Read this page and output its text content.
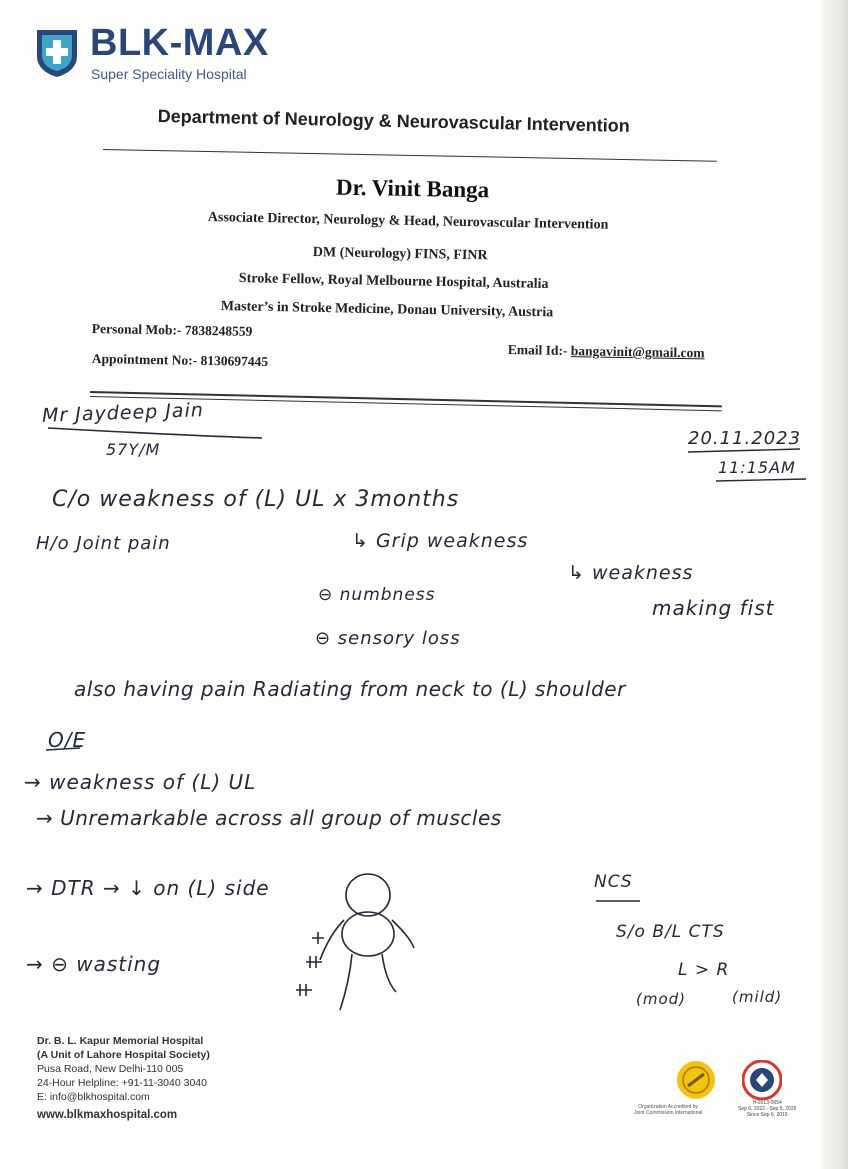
BLK-MAX
Super Speciality Hospital
Department of Neurology & Neurovascular Intervention
Dr. Vinit Banga
Associate Director, Neurology & Head, Neurovascular Intervention
DM (Neurology) FINS, FINR
Stroke Fellow, Royal Melbourne Hospital, Australia
Master’s in Stroke Medicine, Donau University, Austria
Personal Mob:- 7838248559
Appointment No:- 8130697445
Email Id:- bangavinit@gmail.com
Mr Jaydeep Jain
57Y/M
20.11.2023
11:15AM
C/o weakness of (L) UL x 3months
H/o Joint pain	↳ Grip weakness
↳ weakness
making fist
⊖ numbness
⊖ sensory loss
also having pain Radiating from neck to (L) shoulder
O/E
→ weakness of (L) UL
→ Unremarkable across all group of muscles
→ DTR → ↓ on (L) side
→ ⊖ wasting
NCS
S/o B/L CTS
L > R
(mod)	(mild)
Dr. B. L. Kapur Memorial Hospital
(A Unit of Lahore Hospital Society)
Pusa Road, New Delhi-110 005
24-Hour Helpline: +91-11-3040 3040
E: info@blkhospital.com
www.blkmaxhospital.com
Organization Accredited by
Joint Commission International
H-2013-0054
Sep 6, 2022 - Sep 5, 2025
Since Sep 6, 2015
